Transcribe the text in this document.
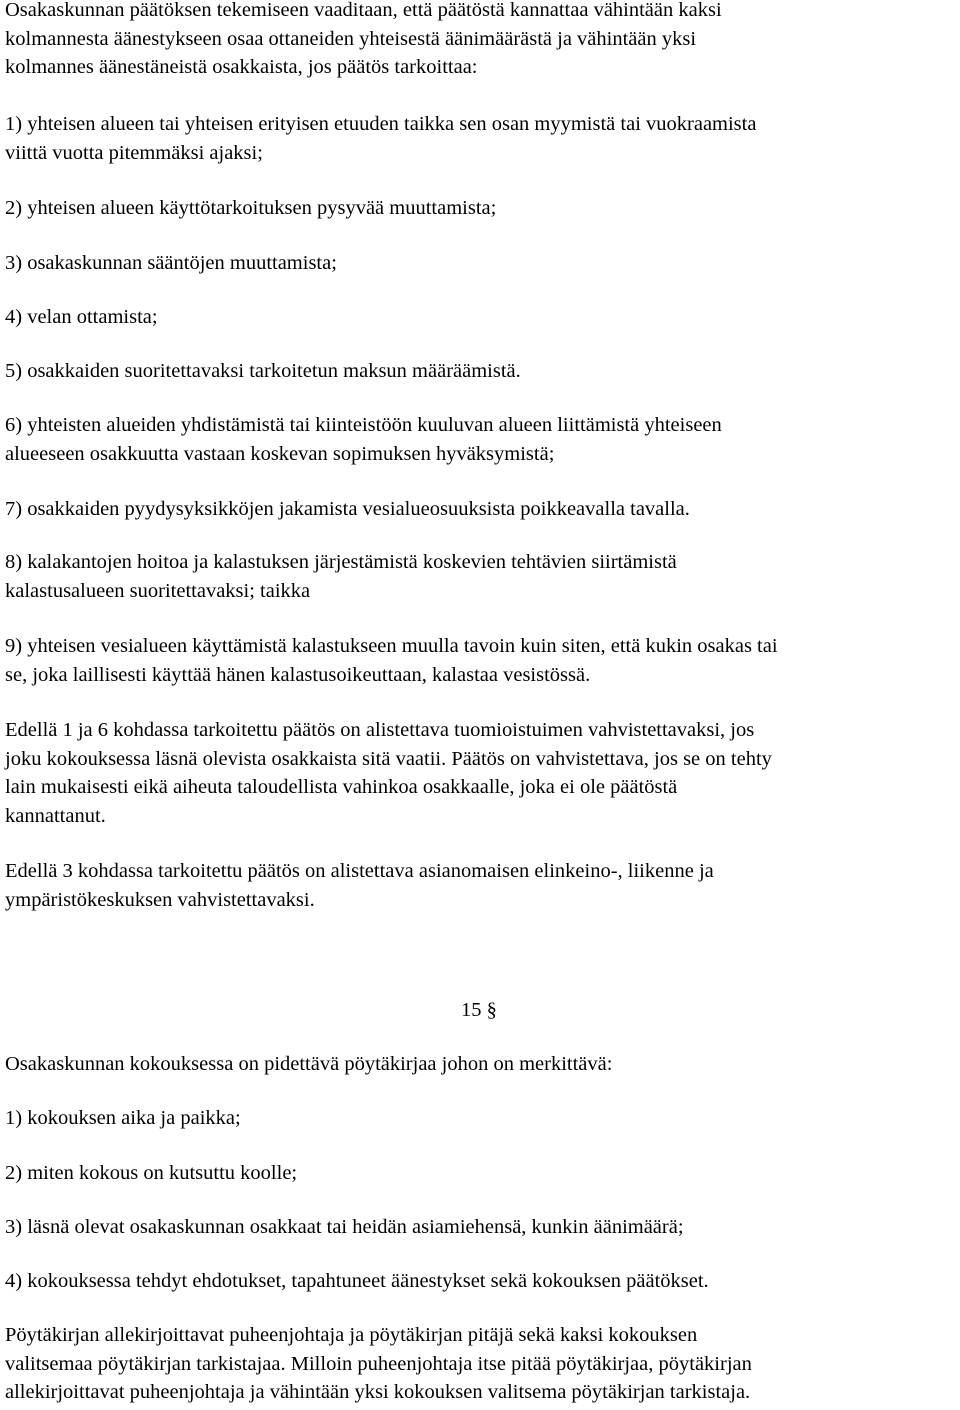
Osakaskunnan päätöksen tekemiseen vaaditaan, että päätöstä kannattaa vähintään kaksi
kolmannesta äänestykseen osaa ottaneiden yhteisestä äänimäärästä ja vähintään yksi
kolmannes äänestäneistä osakkaista, jos päätös tarkoittaa:

1) yhteisen alueen tai yhteisen erityisen etuuden taikka sen osan myymistä tai vuokraamista
viittä vuotta pitemmäksi ajaksi;

2) yhteisen alueen käyttötarkoituksen pysyvää muuttamista;

3) osakaskunnan sääntöjen muuttamista;

4) velan ottamista;

5) osakkaiden suoritettavaksi tarkoitetun maksun määräämistä.

6) yhteisten alueiden yhdistämistä tai kiinteistöön kuuluvan alueen liittämistä yhteiseen
alueeseen osakkuutta vastaan koskevan sopimuksen hyväksymistä;

7) osakkaiden pyydysyksikköjen jakamista vesialueosuuksista poikkeavalla tavalla.

8) kalakantojen hoitoa ja kalastuksen järjestämistä koskevien tehtävien siirtämistä
kalastusalueen suoritettavaksi; taikka

9) yhteisen vesialueen käyttämistä kalastukseen muulla tavoin kuin siten, että kukin osakas tai
se, joka laillisesti käyttää hänen kalastusoikeuttaan, kalastaa vesistössä.

Edellä 1 ja 6 kohdassa tarkoitettu päätös on alistettava tuomioistuimen vahvistettavaksi, jos
joku kokouksessa läsnä olevista osakkaista sitä vaatii. Päätös on vahvistettava, jos se on tehty
lain mukaisesti eikä aiheuta taloudellista vahinkoa osakkaalle, joka ei ole päätöstä
kannattanut.

Edellä 3 kohdassa tarkoitettu päätös on alistettava asianomaisen elinkeino-, liikenne ja
ympäristökeskuksen vahvistettavaksi.

15 §

Osakaskunnan kokouksessa on pidettävä pöytäkirjaa johon on merkittävä:

1) kokouksen aika ja paikka;

2) miten kokous on kutsuttu koolle;

3) läsnä olevat osakaskunnan osakkaat tai heidän asiamiehensä, kunkin äänimäärä;

4) kokouksessa tehdyt ehdotukset, tapahtuneet äänestykset sekä kokouksen päätökset.

Pöytäkirjan allekirjoittavat puheenjohtaja ja pöytäkirjan pitäjä sekä kaksi kokouksen
valitsemaa pöytäkirjan tarkistajaa. Milloin puheenjohtaja itse pitää pöytäkirjaa, pöytäkirjan
allekirjoittavat puheenjohtaja ja vähintään yksi kokouksen valitsema pöytäkirjan tarkistaja.
